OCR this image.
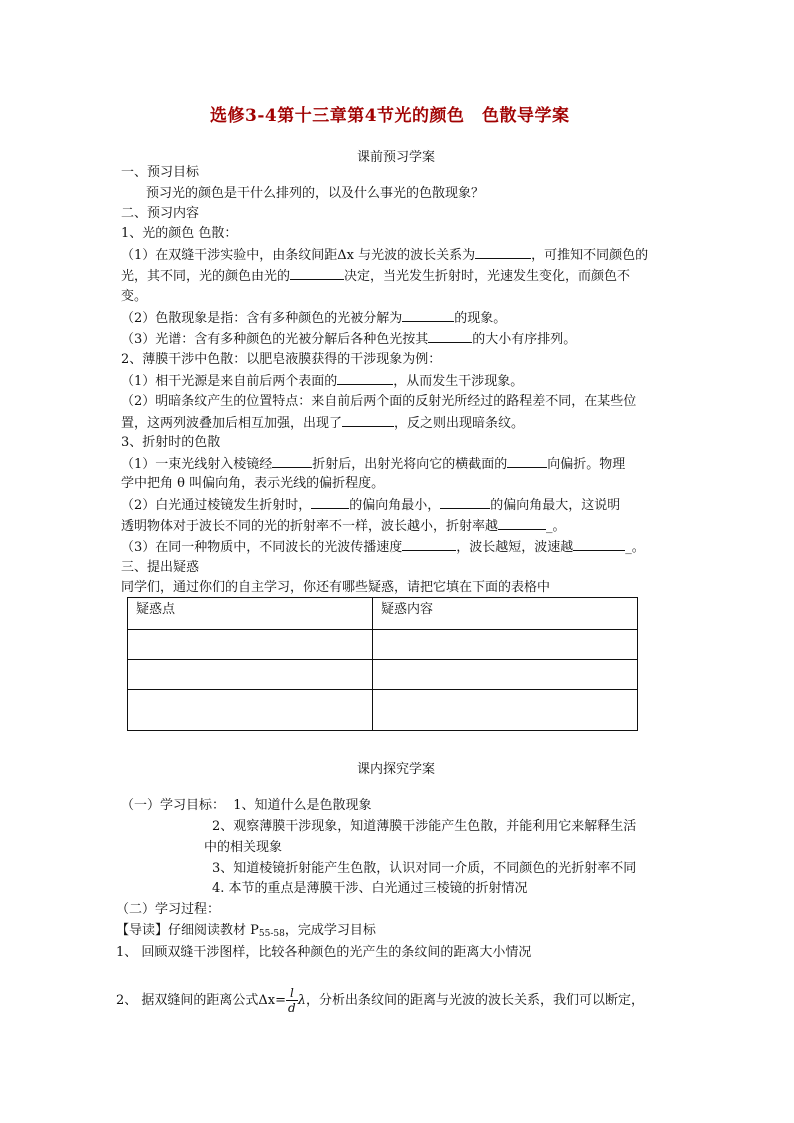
选修3-4第十三章第4节光的颜色　色散导学案
课前预习学案
一、预习目标
预习光的颜色是干什么排列的，以及什么事光的色散现象？
二、预习内容
1、光的颜色 色散：
（1）在双缝干涉实验中，由条纹间距Δx 与光波的波长关系为	，可推知不同颜色的
光，其不同，光的颜色由光的	决定，当光发生折射时，光速发生变化，而颜色不
变。
（2）色散现象是指：含有多种颜色的光被分解为	的现象。
（3）光谱：含有多种颜色的光被分解后各种色光按其	的大小有序排列。
2、薄膜干涉中色散：以肥皂液膜获得的干涉现象为例：
（1）相干光源是来自前后两个表面的	，从而发生干涉现象。
（2）明暗条纹产生的位置特点：来自前后两个面的反射光所经过的路程差不同，在某些位
置，这两列波叠加后相互加强，出现了	，反之则出现暗条纹。
3、折射时的色散
（1）一束光线射入棱镜经	折射后，出射光将向它的横截面的	向偏折。物理
学中把角 θ 叫偏向角，表示光线的偏折程度。
（2）白光通过棱镜发生折射时，	的偏向角最小，	的偏向角最大，这说明
透明物体对于波长不同的光的折射率不一样，波长越小，折射率越	_。
（3）在同一种物质中，不同波长的光波传播速度	，波长越短，波速越	_。
三、提出疑惑
同学们，通过你们的自主学习，你还有哪些疑惑，请把它填在下面的表格中
疑惑点	疑惑内容

课内探究学案
（一）学习目标： 1、知道什么是色散现象
2、观察薄膜干涉现象，知道薄膜干涉能产生色散，并能利用它来解释生活
中的相关现象
3、知道棱镜折射能产生色散，认识对同一介质，不同颜色的光折射率不同
4. 本节的重点是薄膜干涉、白光通过三棱镜的折射情况
（二）学习过程：
【导读】仔细阅读教材 P55-58，完成学习目标
1、 回顾双缝干涉图样，比较各种颜色的光产生的条纹间的距离大小情况
2、 据双缝间的距离公式$\Delta x= \frac{l}{d}$ λ，分析出条纹间的距离与光波的波长关系，我们可以断定，
